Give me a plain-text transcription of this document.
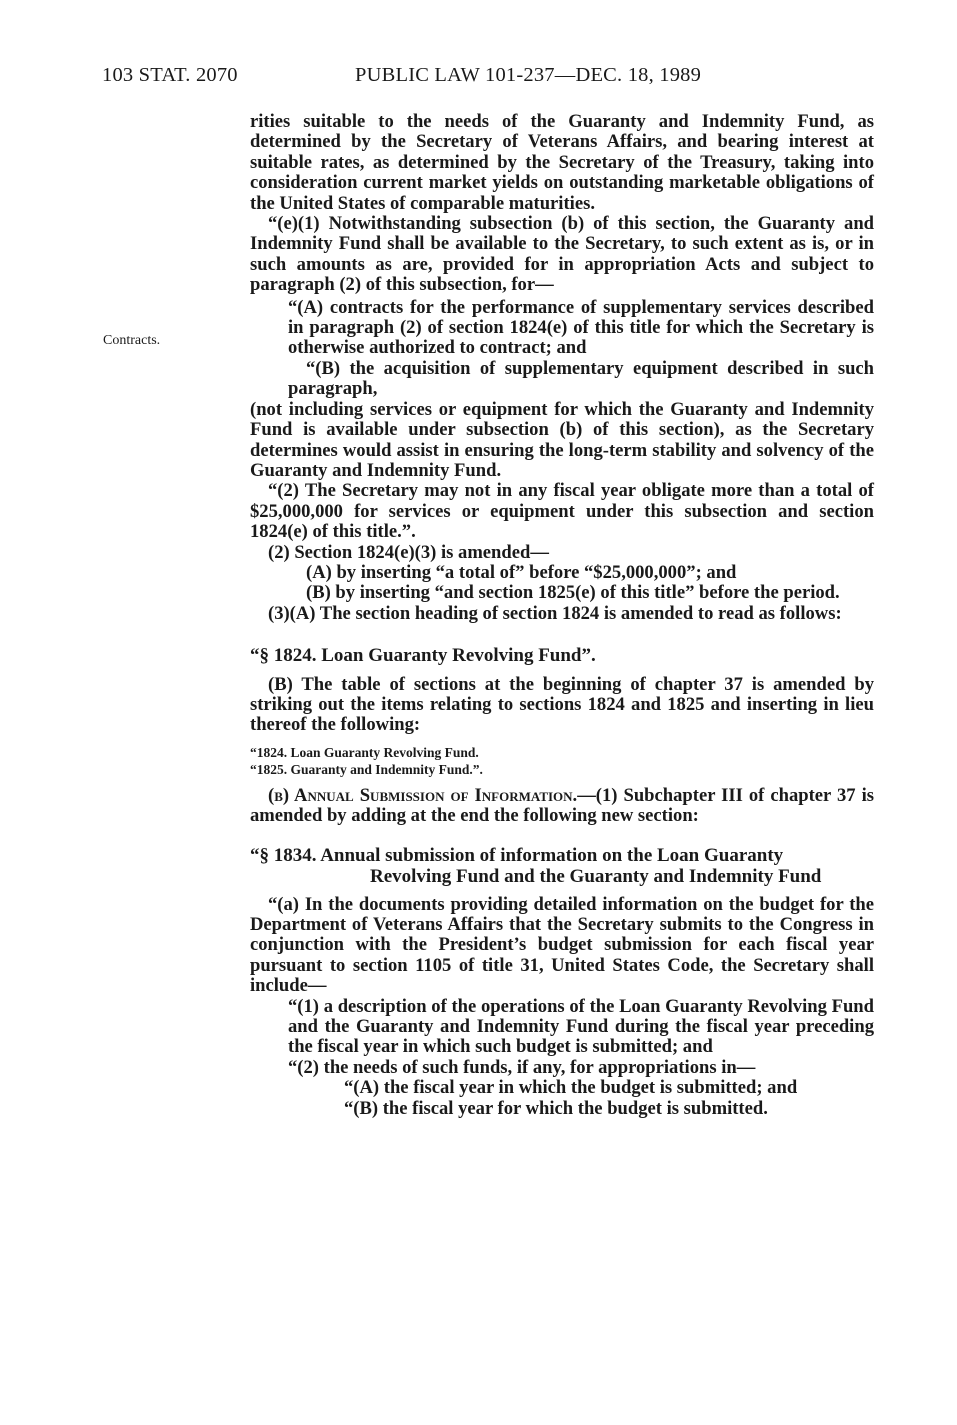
103 STAT. 2070	PUBLIC LAW 101-237—DEC. 18, 1989
Contracts.

rities suitable to the needs of the Guaranty and Indemnity Fund, as determined by the Secretary of Veterans Affairs, and bearing interest at suitable rates, as determined by the Secretary of the Treasury, taking into consideration current market yields on outstanding marketable obligations of the United States of comparable maturities.

“(e)(1) Notwithstanding subsection (b) of this section, the Guaranty and Indemnity Fund shall be available to the Secretary, to such extent as is, or in such amounts as are, provided for in appropriation Acts and subject to paragraph (2) of this subsection, for—

“(A) contracts for the performance of supplementary services described in paragraph (2) of section 1824(e) of this title for which the Secretary is otherwise authorized to contract; and

“(B) the acquisition of supplementary equipment described in such paragraph,

(not including services or equipment for which the Guaranty and Indemnity Fund is available under subsection (b) of this section), as the Secretary determines would assist in ensuring the long-term stability and solvency of the Guaranty and Indemnity Fund.

“(2) The Secretary may not in any fiscal year obligate more than a total of $25,000,000 for services or equipment under this subsection and section 1824(e) of this title.”.

(2) Section 1824(e)(3) is amended—

(A) by inserting “a total of” before “$25,000,000”; and

(B) by inserting “and section 1825(e) of this title” before the period.

(3)(A) The section heading of section 1824 is amended to read as follows:

“§ 1824. Loan Guaranty Revolving Fund”.

(B) The table of sections at the beginning of chapter 37 is amended by striking out the items relating to sections 1824 and 1825 and inserting in lieu thereof the following:

“1824. Loan Guaranty Revolving Fund.
“1825. Guaranty and Indemnity Fund.”.

(b) Annual Submission of Information.—(1) Subchapter III of chapter 37 is amended by adding at the end the following new section:

“§ 1834. Annual submission of information on the Loan Guaranty
Revolving Fund and the Guaranty and Indemnity Fund

“(a) In the documents providing detailed information on the budget for the Department of Veterans Affairs that the Secretary submits to the Congress in conjunction with the President’s budget submission for each fiscal year pursuant to section 1105 of title 31, United States Code, the Secretary shall include—

“(1) a description of the operations of the Loan Guaranty Revolving Fund and the Guaranty and Indemnity Fund during the fiscal year preceding the fiscal year in which such budget is submitted; and

“(2) the needs of such funds, if any, for appropriations in—

“(A) the fiscal year in which the budget is submitted; and

“(B) the fiscal year for which the budget is submitted.
